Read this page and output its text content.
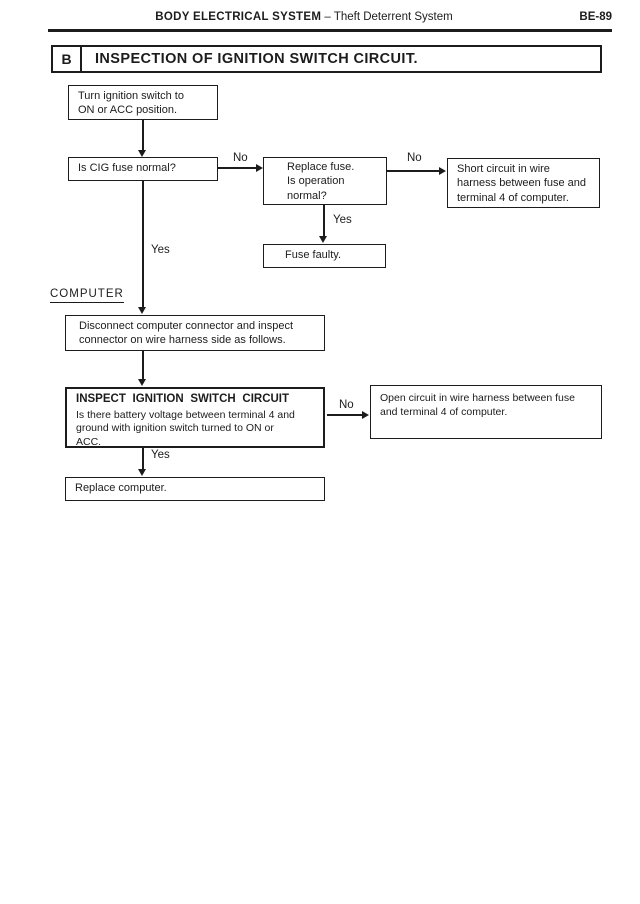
BODY ELECTRICAL SYSTEM – Theft Deterrent System	BE-89
B	INSPECTION OF IGNITION SWITCH CIRCUIT.
Turn ignition switch to
ON or ACC position.
Is CIG fuse normal?
No
Replace fuse.
Is operation
normal?
No
Short circuit in wire
harness between fuse and
terminal 4 of computer.
Yes
Fuse faulty.
Yes
COMPUTER
Disconnect computer connector and inspect
connector on wire harness side as follows.
INSPECT IGNITION SWITCH CIRCUIT
Is there battery voltage between terminal 4 and
ground with ignition switch turned to ON or
ACC.
No
Open circuit in wire harness between fuse
and terminal 4 of computer.
Yes
Replace computer.
